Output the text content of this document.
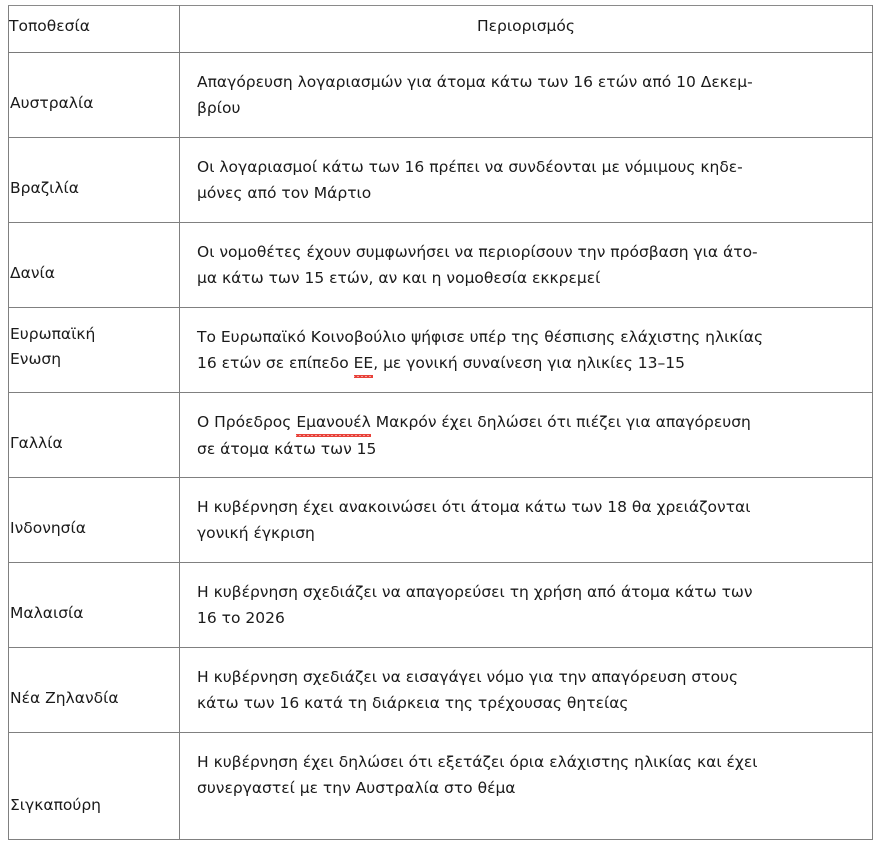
Τοποθεσία	Περιορισμός

Αυστραλία	Απαγόρευση λογαριασμών για άτομα κάτω των 16 ετών από 10 Δεκεμ-
βρίου

Βραζιλία	Οι λογαριασμοί κάτω των 16 πρέπει να συνδέονται με νόμιμους κηδε-
μόνες από τον Μάρτιο

Δανία	Οι νομοθέτες έχουν συμφωνήσει να περιορίσουν την πρόσβαση για άτο-
μα κάτω των 15 ετών, αν και η νομοθεσία εκκρεμεί

Ευρωπαϊκή
Ενωση	Το Ευρωπαϊκό Κοινοβούλιο ψήφισε υπέρ της θέσπισης ελάχιστης ηλικίας
16 ετών σε επίπεδο ΕΕ, με γονική συναίνεση για ηλικίες 13–15

Γαλλία	Ο Πρόεδρος Εμανουέλ Μακρόν έχει δηλώσει ότι πιέζει για απαγόρευση
σε άτομα κάτω των 15

Ινδονησία	Η κυβέρνηση έχει ανακοινώσει ότι άτομα κάτω των 18 θα χρειάζονται
γονική έγκριση

Μαλαισία	Η κυβέρνηση σχεδιάζει να απαγορεύσει τη χρήση από άτομα κάτω των
16 το 2026

Νέα Ζηλανδία	Η κυβέρνηση σχεδιάζει να εισαγάγει νόμο για την απαγόρευση στους
κάτω των 16 κατά τη διάρκεια της τρέχουσας θητείας

Σιγκαπούρη	Η κυβέρνηση έχει δηλώσει ότι εξετάζει όρια ελάχιστης ηλικίας και έχει
συνεργαστεί με την Αυστραλία στο θέμα
